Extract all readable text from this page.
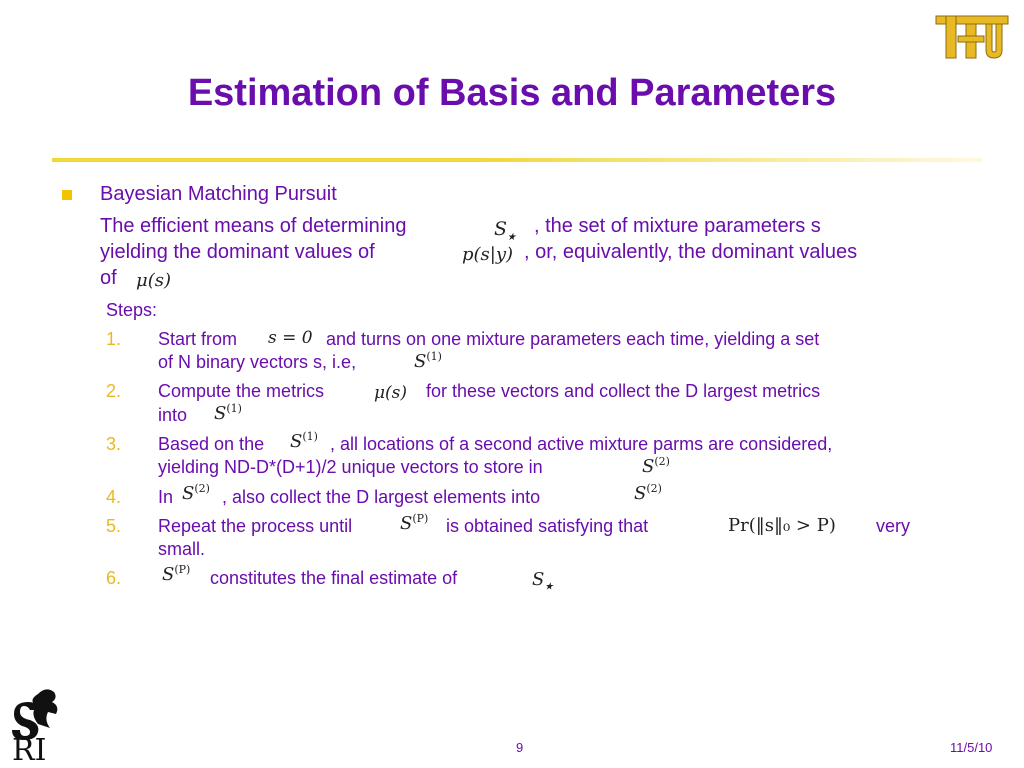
Estimation of Basis and Parameters
Bayesian Matching Pursuit
The efficient means of determining	$S_★$
, the set of mixture parameters s
yielding the dominant values of	p(s|y) , or, equivalently, the dominant values
of μ(s)
Steps:
1. Start from s = 0 and turns on one mixture parameters each time, yielding a set
of N binary vectors s, i.e,	$S^{(1)}$
2. Compute the metrics	μ(s) for these vectors and collect the D largest metrics
into $S^{(1)}$
3. Based on the $S^{(1)}$ , all locations of a second active mixture parms are considered,
yielding ND-D*(D+1)/2 unique vectors to store in	$S^{(2)}$
4. In $S^{(2)}$ , also collect the D largest elements into	$S^{(2)}$
5. Repeat the process until	$S^{(P)}$ is obtained satisfying that	Pr(‖s‖₀ > P) very
small.
6. $S^{(P)}$ constitutes the final estimate of	$S_★$
RI	9	11/5/10
